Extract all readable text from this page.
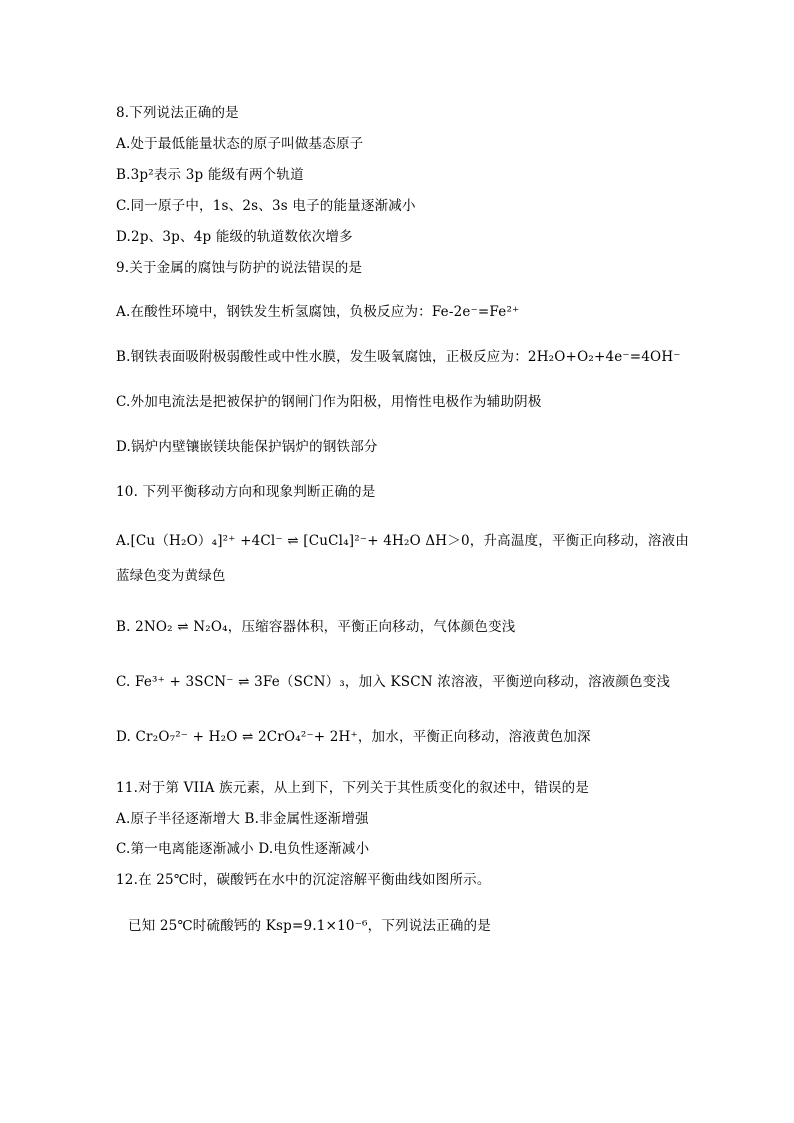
8.下列说法正确的是
A.处于最低能量状态的原子叫做基态原子
B.3p²表示 3p 能级有两个轨道
C.同一原子中，1s、2s、3s 电子的能量逐渐减小
D.2p、3p、4p 能级的轨道数依次增多
9.关于金属的腐蚀与防护的说法错误的是
A.在酸性环境中，钢铁发生析氢腐蚀，负极反应为：Fe-2e⁻=Fe²⁺
B.钢铁表面吸附极弱酸性或中性水膜，发生吸氧腐蚀，正极反应为：2H₂O+O₂+4e⁻=4OH⁻
C.外加电流法是把被保护的钢闸门作为阳极，用惰性电极作为辅助阴极
D.锅炉内壁镶嵌镁块能保护锅炉的钢铁部分
10. 下列平衡移动方向和现象判断正确的是
A.[Cu（H₂O）₄]²⁺ +4Cl⁻ ⇌ [CuCl₄]²⁻+ 4H₂O ΔH＞0，升高温度，平衡正向移动，溶液由
蓝绿色变为黄绿色
B. 2NO₂ ⇌ N₂O₄，压缩容器体积，平衡正向移动，气体颜色变浅
C. Fe³⁺ + 3SCN⁻ ⇌ 3Fe（SCN）₃，加入 KSCN 浓溶液，平衡逆向移动，溶液颜色变浅
D. Cr₂O₇²⁻ + H₂O ⇌ 2CrO₄²⁻+ 2H⁺，加水，平衡正向移动，溶液黄色加深
11.对于第 VIIA 族元素，从上到下，下列关于其性质变化的叙述中，错误的是
A.原子半径逐渐增大 B.非金属性逐渐增强
C.第一电离能逐渐减小 D.电负性逐渐减小
12.在 25℃时，碳酸钙在水中的沉淀溶解平衡曲线如图所示。
已知 25℃时硫酸钙的 Ksp=9.1×10⁻⁶，下列说法正确的是
